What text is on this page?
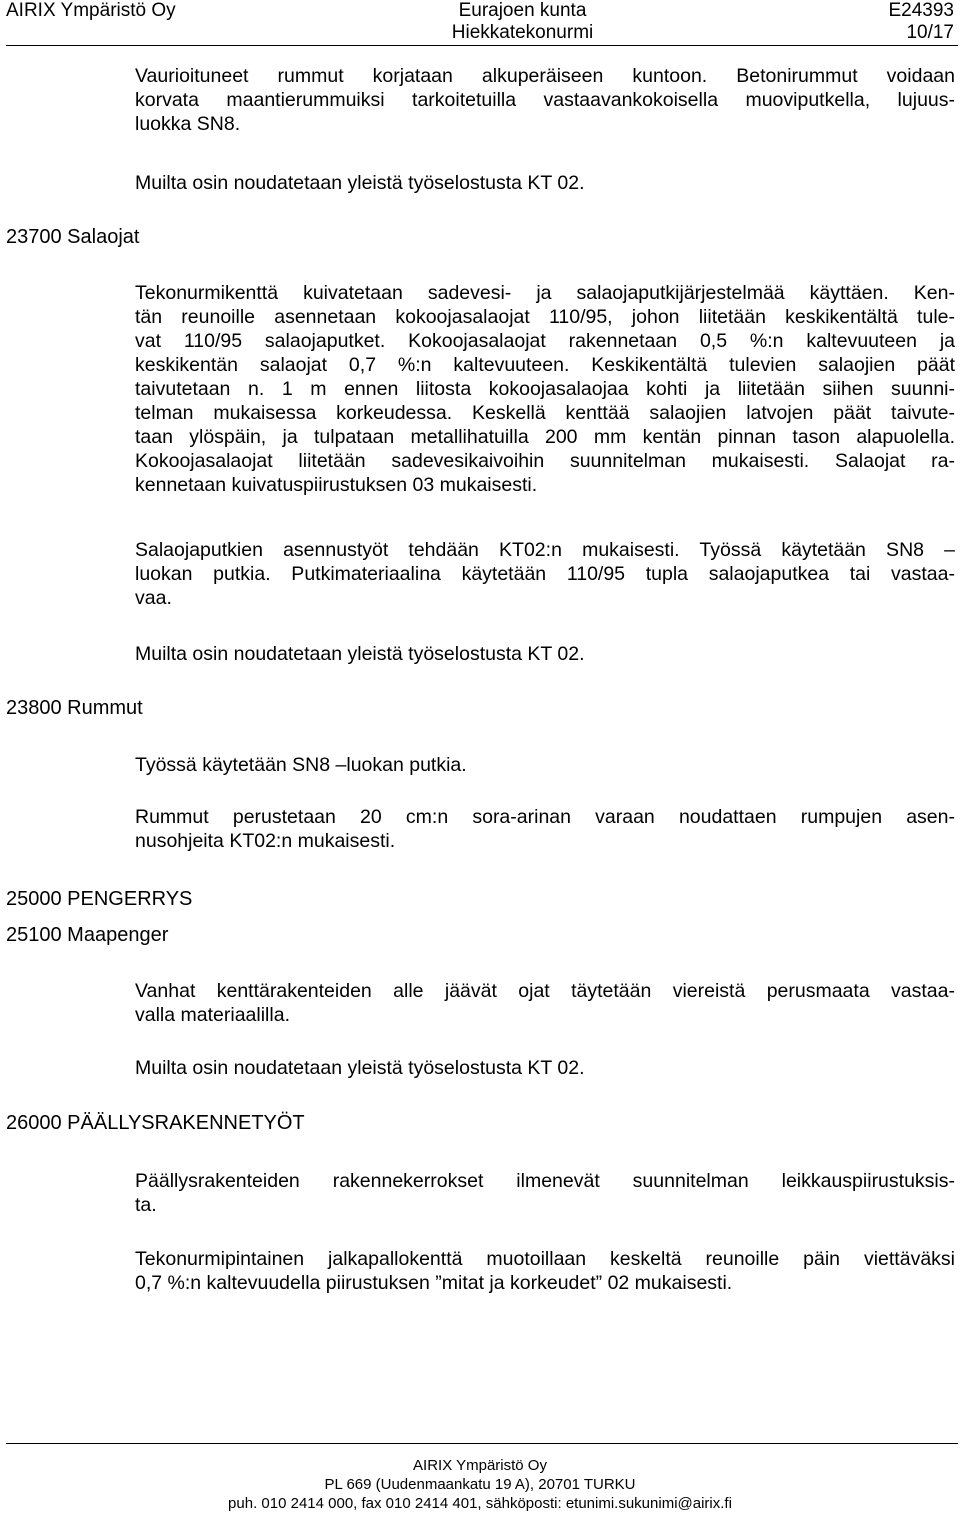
AIRIX Ympäristö Oy	Eurajoen kunta
Hiekkatekonurmi
E24393
10/17
Vaurioituneet rummut korjataan alkuperäiseen kuntoon. Betonirummut voidaan
korvata maantierummuiksi tarkoitetuilla vastaavankokoisella muoviputkella, lujuus-
luokka SN8.
Muilta osin noudatetaan yleistä työselostusta KT 02.
23700 Salaojat
Tekonurmikenttä kuivatetaan sadevesi- ja salaojaputkijärjestelmää käyttäen. Ken-
tän reunoille asennetaan kokoojasalaojat 110/95, johon liitetään keskikentältä tule-
vat 110/95 salaojaputket. Kokoojasalaojat rakennetaan 0,5 %:n kaltevuuteen ja
keskikentän salaojat 0,7 %:n kaltevuuteen. Keskikentältä tulevien salaojien päät
taivutetaan n. 1 m ennen liitosta kokoojasalaojaa kohti ja liitetään siihen suunni-
telman mukaisessa korkeudessa. Keskellä kenttää salaojien latvojen päät taivute-
taan ylöspäin, ja tulpataan metallihatuilla 200 mm kentän pinnan tason alapuolella.
Kokoojasalaojat liitetään sadevesikaivoihin suunnitelman mukaisesti. Salaojat ra-
kennetaan kuivatuspiirustuksen 03 mukaisesti.
Salaojaputkien asennustyöt tehdään KT02:n mukaisesti. Työssä käytetään SN8 –
luokan putkia. Putkimateriaalina käytetään 110/95 tupla salaojaputkea tai vastaa-
vaa.
Muilta osin noudatetaan yleistä työselostusta KT 02.
23800 Rummut
Työssä käytetään SN8 –luokan putkia.
Rummut perustetaan 20 cm:n sora-arinan varaan noudattaen rumpujen asen-
nusohjeita KT02:n mukaisesti.
25000 PENGERRYS
25100 Maapenger
Vanhat kenttärakenteiden alle jäävät ojat täytetään viereistä perusmaata vastaa-
valla materiaalilla.
Muilta osin noudatetaan yleistä työselostusta KT 02.
26000 PÄÄLLYSRAKENNETYÖT
Päällysrakenteiden rakennekerrokset ilmenevät suunnitelman leikkauspiirustuksis-
ta.
Tekonurmipintainen jalkapallokenttä muotoillaan keskeltä reunoille päin viettäväksi
0,7 %:n kaltevuudella piirustuksen ”mitat ja korkeudet” 02 mukaisesti.
AIRIX Ympäristö Oy
PL 669 (Uudenmaankatu 19 A), 20701 TURKU
puh. 010 2414 000, fax 010 2414 401, sähköposti: etunimi.sukunimi@airix.fi
